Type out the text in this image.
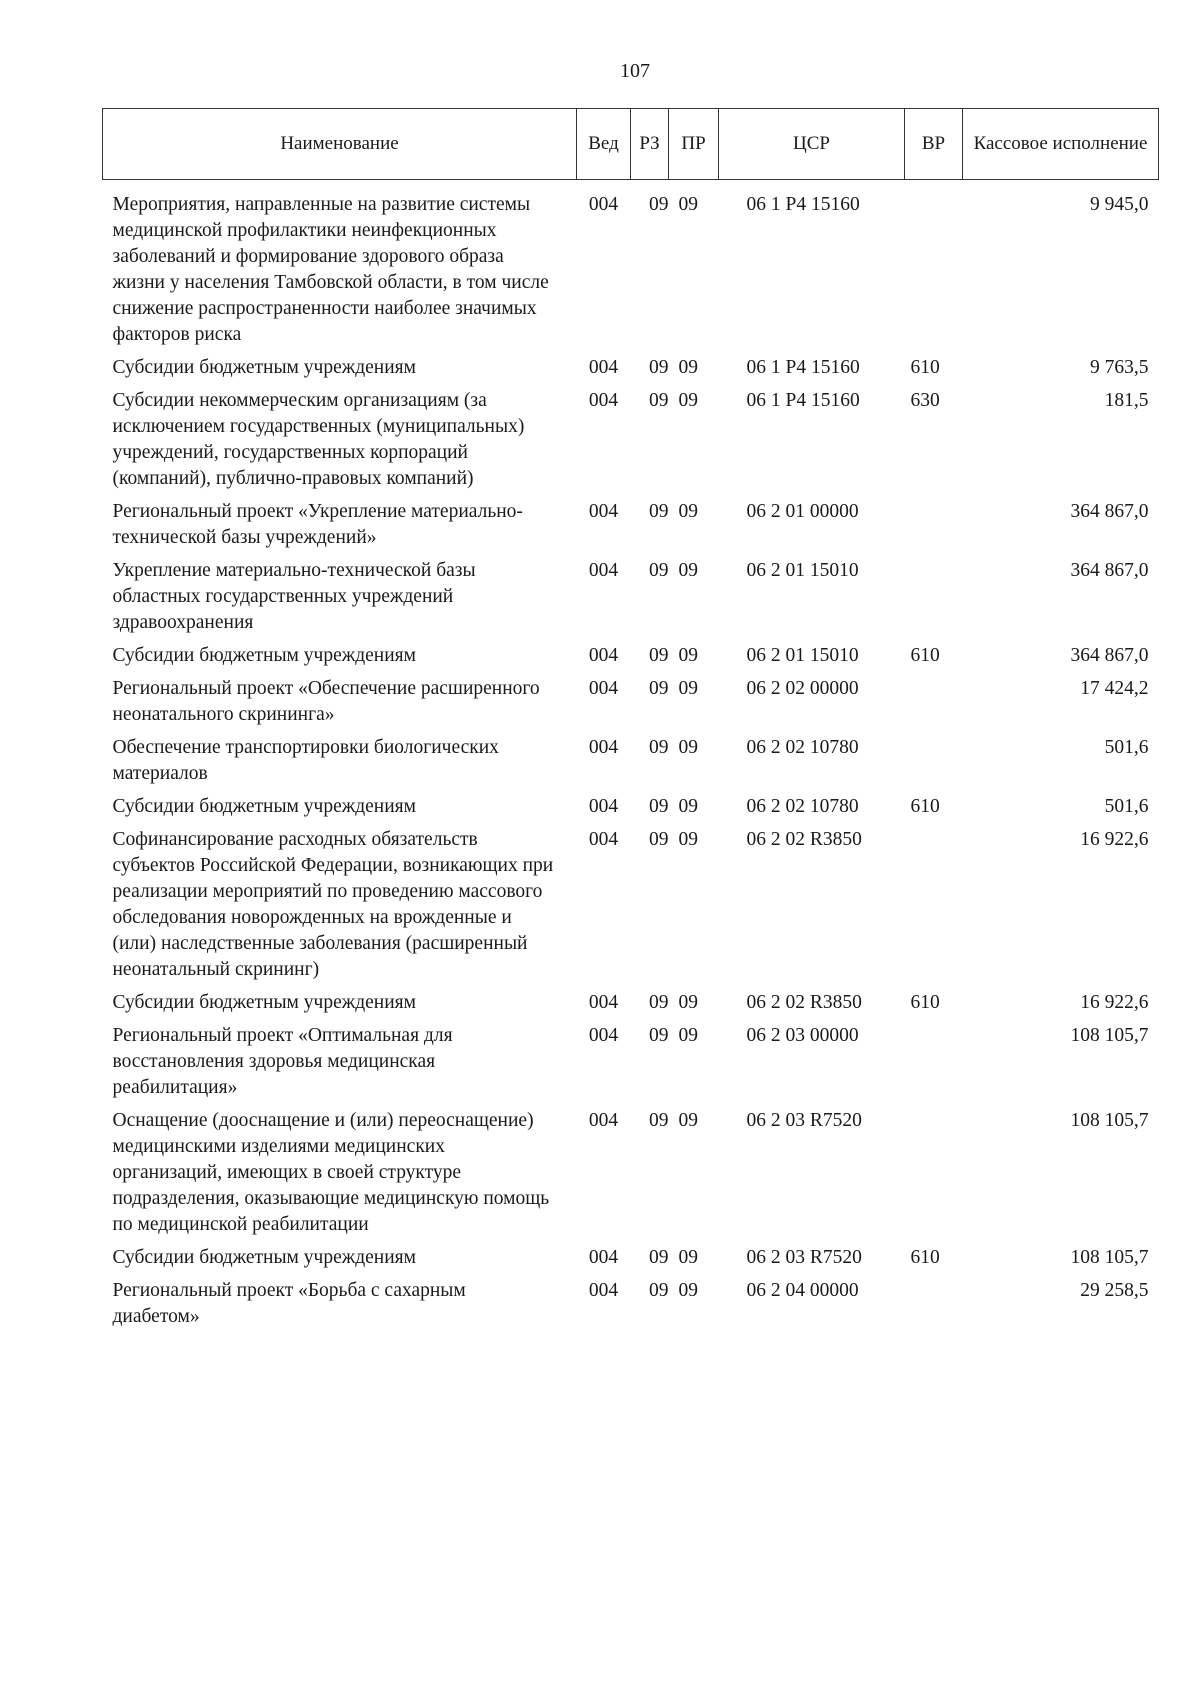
107
Наименование	Вед	РЗ	ПР	ЦСР	ВР	Кассовое исполнение
Мероприятия, направленные на развитие системы медицинской профилактики неинфекционных заболеваний и формирование здорового образа жизни у населения Тамбовской области, в том числе снижение распространенности наиболее значимых факторов риска	004	09	09	06 1 P4 15160		9 945,0
Субсидии бюджетным учреждениям	004	09	09	06 1 P4 15160	610	9 763,5
Субсидии некоммерческим организациям (за исключением государственных (муниципальных) учреждений, государственных корпораций (компаний), публично-правовых компаний)	004	09	09	06 1 P4 15160	630	181,5
Региональный проект «Укрепление материально-технической базы учреждений»	004	09	09	06 2 01 00000		364 867,0
Укрепление материально-технической базы областных государственных учреждений здравоохранения	004	09	09	06 2 01 15010		364 867,0
Субсидии бюджетным учреждениям	004	09	09	06 2 01 15010	610	364 867,0
Региональный проект «Обеспечение расширенного неонатального скрининга»	004	09	09	06 2 02 00000		17 424,2
Обеспечение транспортировки биологических материалов	004	09	09	06 2 02 10780		501,6
Субсидии бюджетным учреждениям	004	09	09	06 2 02 10780	610	501,6
Софинансирование расходных обязательств субъектов Российской Федерации, возникающих при реализации мероприятий по проведению массового обследования новорожденных на врожденные и (или) наследственные заболевания (расширенный неонатальный скрининг)	004	09	09	06 2 02 R3850		16 922,6
Субсидии бюджетным учреждениям	004	09	09	06 2 02 R3850	610	16 922,6
Региональный проект «Оптимальная для восстановления здоровья медицинская реабилитация»	004	09	09	06 2 03 00000		108 105,7
Оснащение (дооснащение и (или) переоснащение) медицинскими изделиями медицинских организаций, имеющих в своей структуре подразделения, оказывающие медицинскую помощь по медицинской реабилитации	004	09	09	06 2 03 R7520		108 105,7
Субсидии бюджетным учреждениям	004	09	09	06 2 03 R7520	610	108 105,7
Региональный проект «Борьба с сахарным диабетом»	004	09	09	06 2 04 00000		29 258,5
